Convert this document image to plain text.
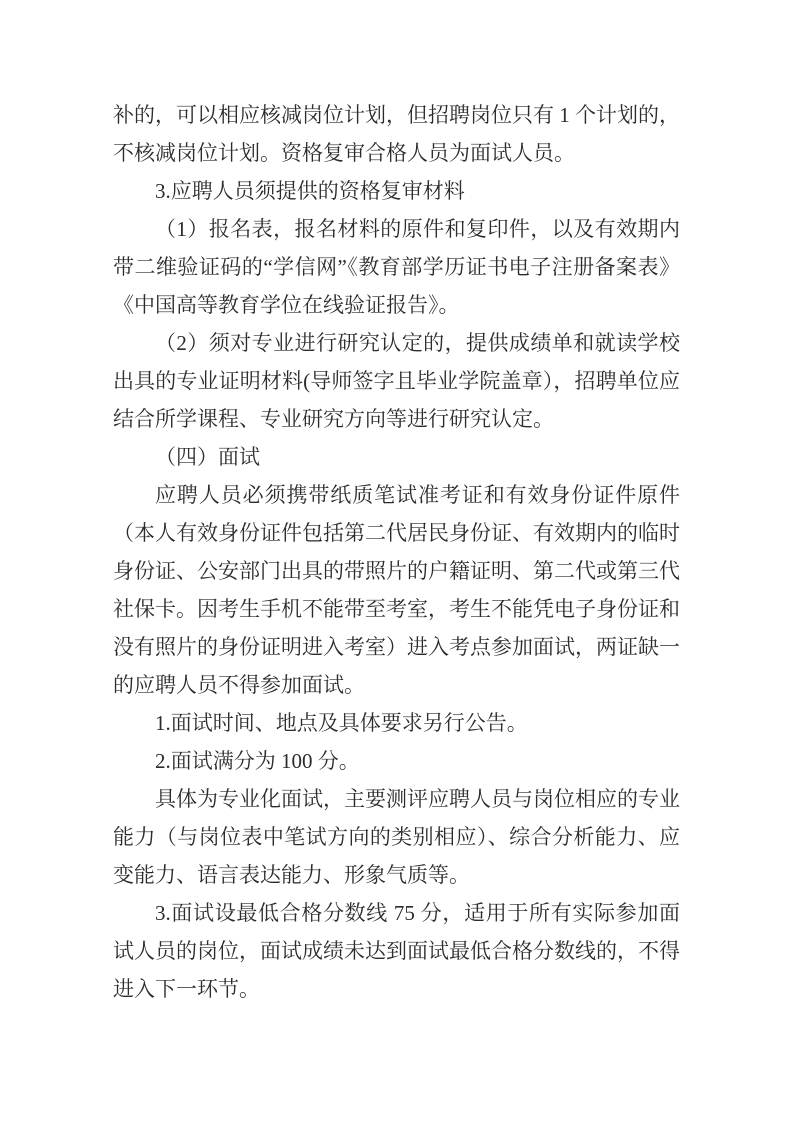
补的，可以相应核减岗位计划，但招聘岗位只有 1 个计划的，不核减岗位计划。资格复审合格人员为面试人员。

3.应聘人员须提供的资格复审材料

（1）报名表，报名材料的原件和复印件，以及有效期内带二维验证码的“学信网”《教育部学历证书电子注册备案表》《中国高等教育学位在线验证报告》。

（2）须对专业进行研究认定的，提供成绩单和就读学校出具的专业证明材料(导师签字且毕业学院盖章），招聘单位应结合所学课程、专业研究方向等进行研究认定。

（四）面试

应聘人员必须携带纸质笔试准考证和有效身份证件原件（本人有效身份证件包括第二代居民身份证、有效期内的临时身份证、公安部门出具的带照片的户籍证明、第二代或第三代社保卡。因考生手机不能带至考室，考生不能凭电子身份证和没有照片的身份证明进入考室）进入考点参加面试，两证缺一的应聘人员不得参加面试。

1.面试时间、地点及具体要求另行公告。

2.面试满分为 100 分。

具体为专业化面试，主要测评应聘人员与岗位相应的专业能力（与岗位表中笔试方向的类别相应）、综合分析能力、应变能力、语言表达能力、形象气质等。

3.面试设最低合格分数线 75 分，适用于所有实际参加面试人员的岗位，面试成绩未达到面试最低合格分数线的，不得进入下一环节。
